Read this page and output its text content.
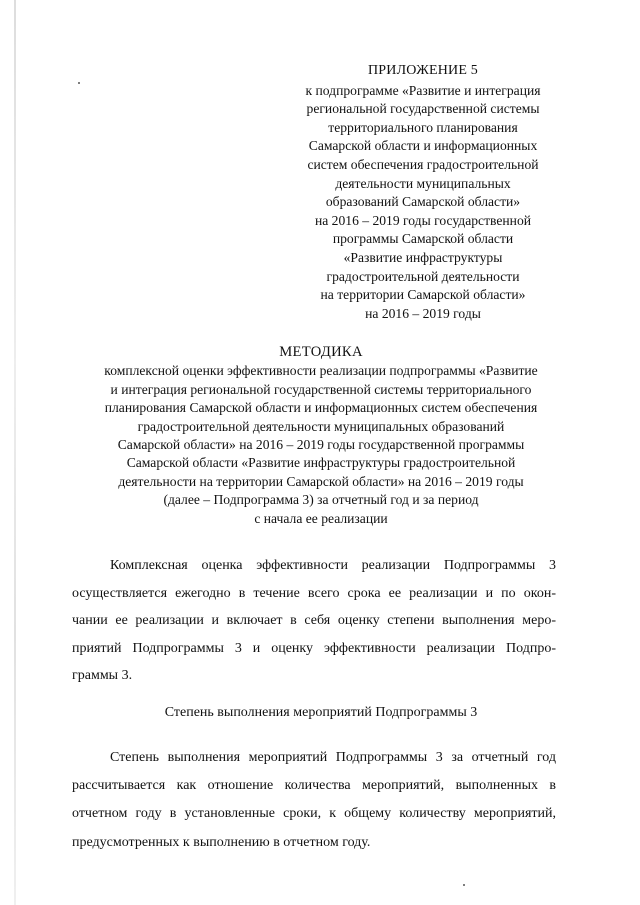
ПРИЛОЖЕНИЕ 5
к подпрограмме «Развитие и интеграция
региональной государственной системы
территориального планирования
Самарской области и информационных
систем обеспечения градостроительной
деятельности муниципальных
образований Самарской области»
на 2016 – 2019 годы государственной
программы Самарской области
«Развитие инфраструктуры
градостроительной деятельности
на территории Самарской области»
на 2016 – 2019 годы
МЕТОДИКА
комплексной оценки эффективности реализации подпрограммы «Развитие
и интеграция региональной государственной системы территориального
планирования Самарской области и информационных систем обеспечения
градостроительной деятельности муниципальных образований
Самарской области» на 2016 – 2019 годы государственной программы
Самарской области «Развитие инфраструктуры градостроительной
деятельности на территории Самарской области» на 2016 – 2019 годы
(далее – Подпрограмма 3) за отчетный год и за период
с начала ее реализации
Комплексная оценка эффективности реализации Подпрограммы 3
осуществляется ежегодно в течение всего срока ее реализации и по окон-
чании ее реализации и включает в себя оценку степени выполнения меро-
приятий Подпрограммы 3 и оценку эффективности реализации Подпро-
граммы 3.
Степень выполнения мероприятий Подпрограммы 3
Степень выполнения мероприятий Подпрограммы 3 за отчетный год
рассчитывается как отношение количества мероприятий, выполненных в
отчетном году в установленные сроки, к общему количеству мероприятий,
предусмотренных к выполнению в отчетном году.
